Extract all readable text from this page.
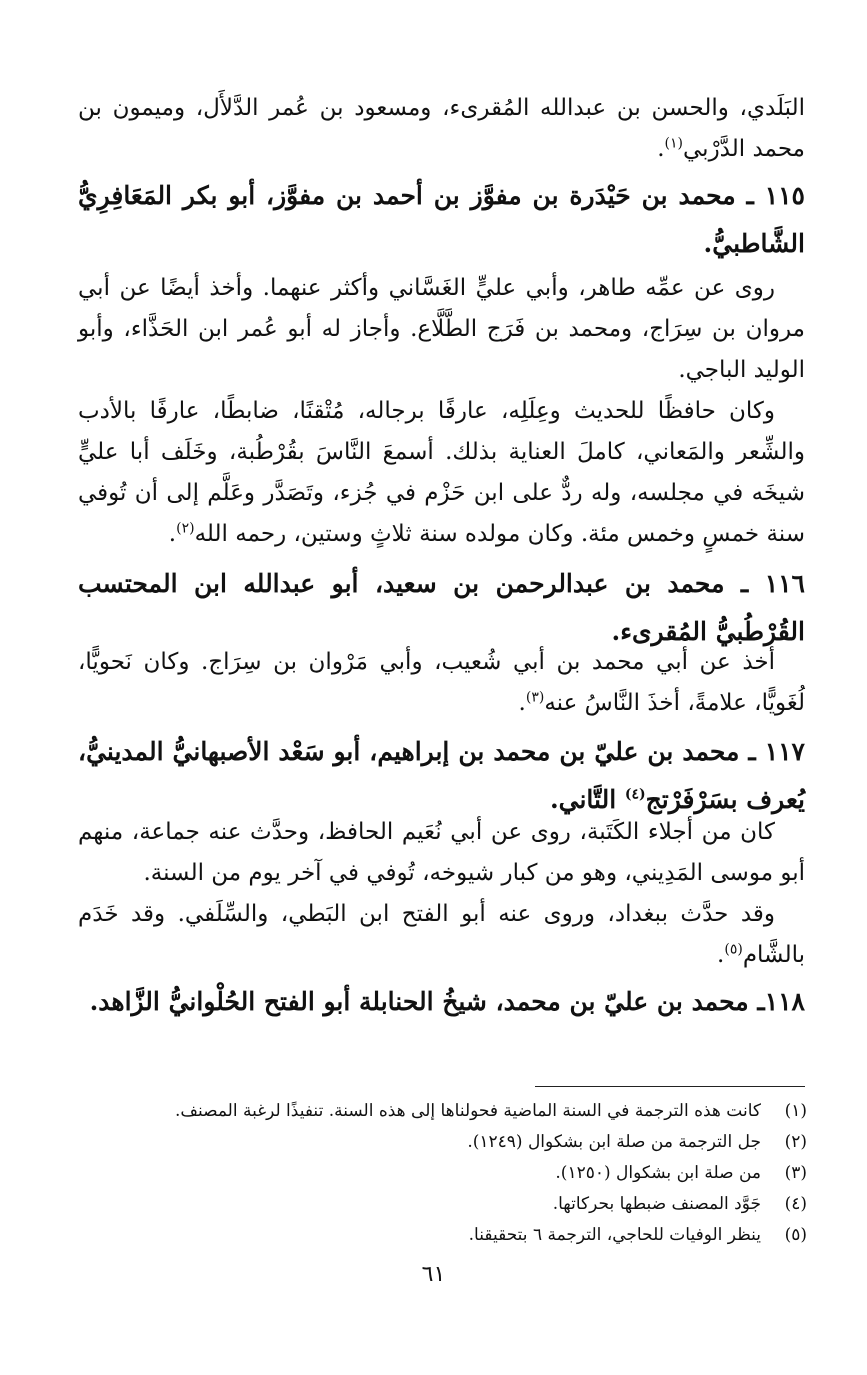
البَلَدي، والحسن بن عبدالله المُقرىء، ومسعود بن عُمر الدَّلأَل، وميمون بن محمد الدَّرْبي$^{(١)}$.

١١٥ ـ محمد بن حَيْدَرة بن مفوَّز بن أحمد بن مفوَّز، أبو بكر المَعَافِرِيُّ الشَّاطبيُّ.

روى عن عمِّه طاهر، وأبي عليٍّ الغَسَّاني وأكثر عنهما. وأخذ أيضًا عن أبي مروان بن سِرَاج، ومحمد بن فَرَج الطَّلَّاع. وأجاز له أبو عُمر ابن الحَذَّاء، وأبو الوليد الباجي.

وكان حافظًا للحديث وعِلَلِه، عارفًا برجاله، مُتْقنًا، ضابطًا، عارفًا بالأدب والشِّعر والمَعاني، كاملَ العناية بذلك. أسمعَ النَّاسَ بقُرْطُبة، وخَلَف أبا عليٍّ شيخَه في مجلسه، وله ردٌّ على ابن حَزْم في جُزء، وتَصَدَّر وعَلَّم إلى أن تُوفي سنة خمسٍ وخمس مئة. وكان مولده سنة ثلاثٍ وستين، رحمه الله$^{(٢)}$.

١١٦ ـ محمد بن عبدالرحمن بن سعيد، أبو عبدالله ابن المحتسب القُرْطُبيُّ المُقرىء.

أخذ عن أبي محمد بن أبي شُعيب، وأبي مَرْوان بن سِرَاج. وكان نَحويًّا، لُغَويًّا، علامةً، أخذَ النَّاسُ عنه$^{(٣)}$.

١١٧ ـ محمد بن عليّ بن محمد بن إبراهيم، أبو سَعْد الأصبهانيُّ المدينيُّ، يُعرف بسَرْفَرْتج$^{(٤)}$ التَّاني.

كان من أجلاء الكَتَبة، روى عن أبي نُعَيم الحافظ، وحدَّث عنه جماعة، منهم أبو موسى المَدِيني، وهو من كبار شيوخه، تُوفي في آخر يوم من السنة.

وقد حدَّث ببغداد، وروى عنه أبو الفتح ابن البَطي، والسِّلَفي. وقد خَدَم بالشَّام$^{(٥)}$.

١١٨ـ محمد بن عليّ بن محمد، شيخُ الحنابلة أبو الفتح الحُلْوانيُّ الزَّاهد.

(١)كانت هذه الترجمة في السنة الماضية فحولناها إلى هذه السنة. تنفيذًا لرغبة المصنف.
(٢)جل الترجمة من صلة ابن بشكوال (١٢٤٩).
(٣)من صلة ابن بشكوال (١٢٥٠).
(٤)جَوَّد المصنف ضبطها بحركاتها.
(٥)ينظر الوفيات للحاجي، الترجمة ٦ بتحقيقنا.
٦١
